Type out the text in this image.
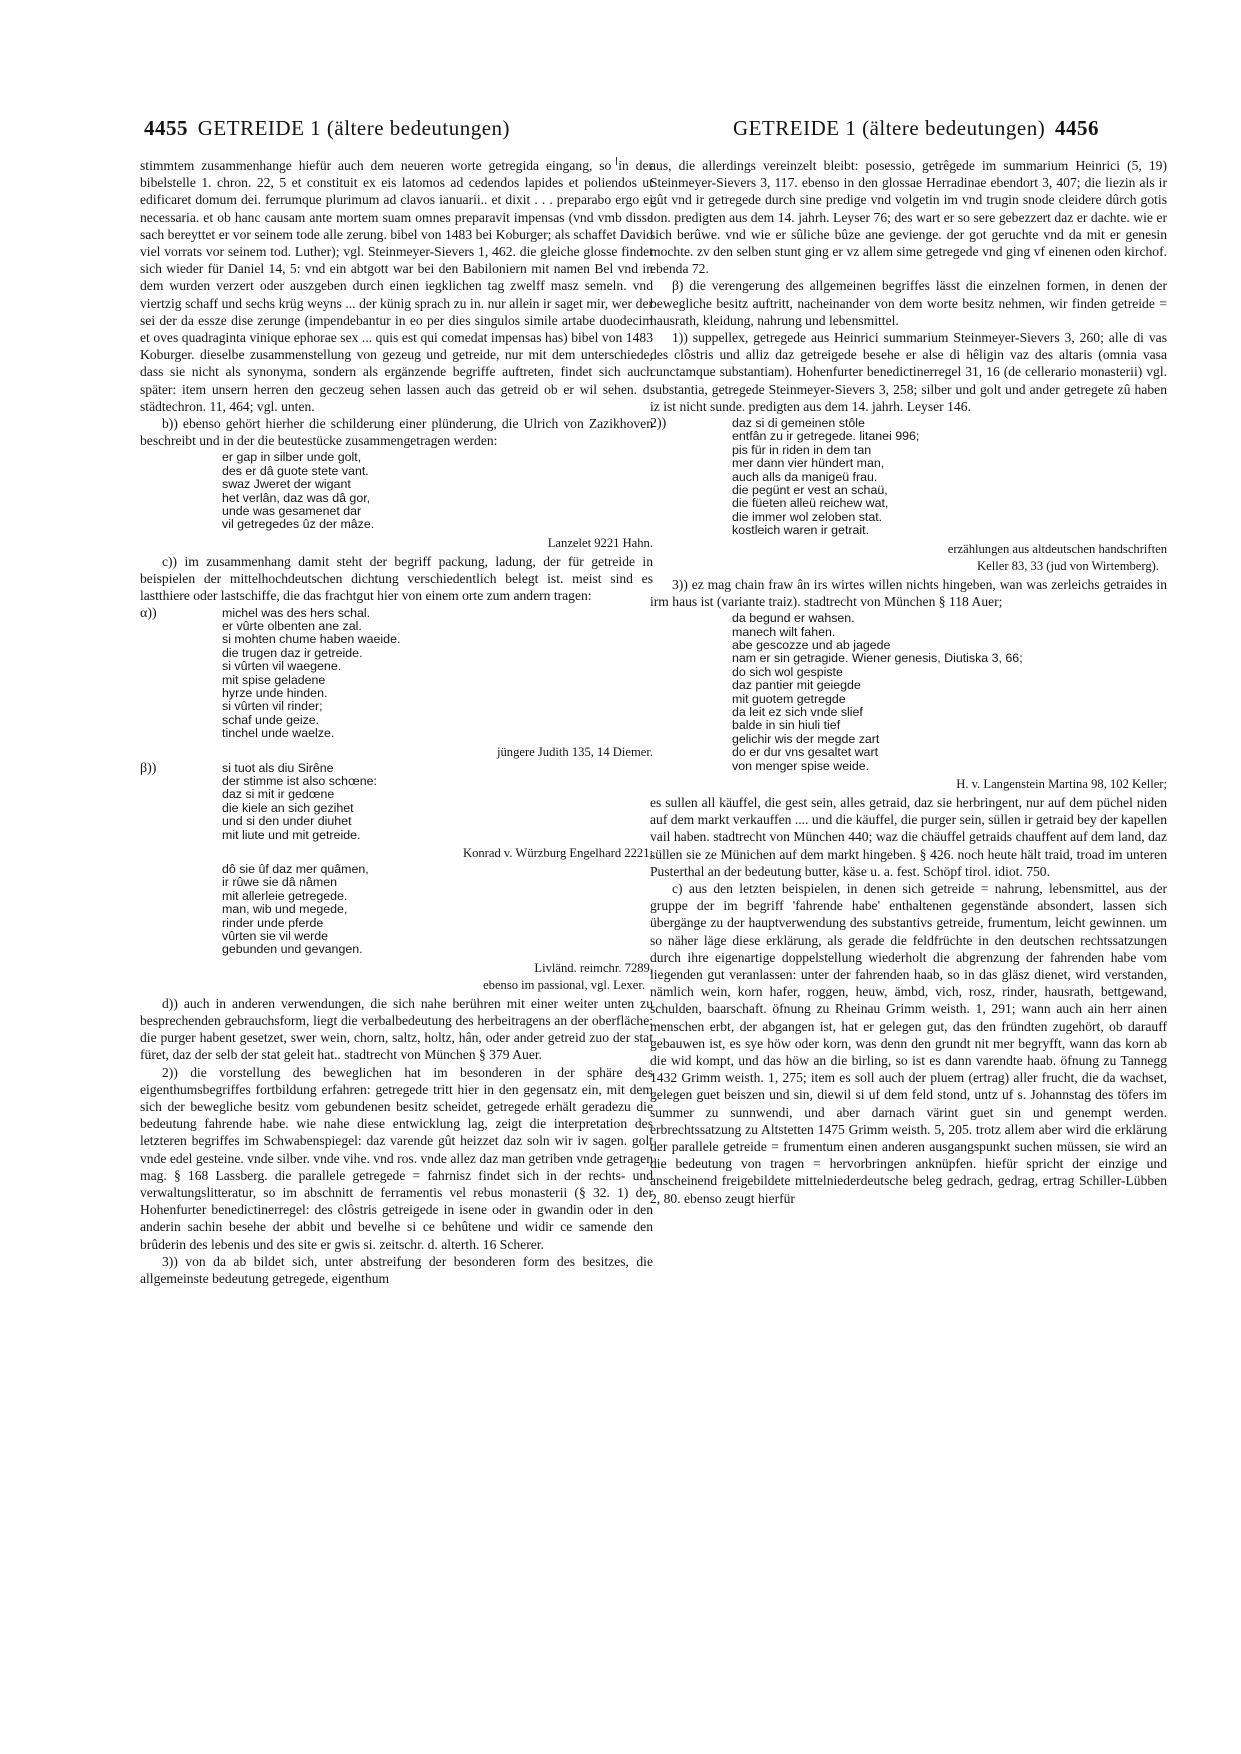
4455 GETREIDE 1 (ältere bedeutungen)	GETREIDE 1 (ältere bedeutungen) 4456

stimmtem zusammenhange hiefür auch dem neueren worte getregida eingang, so in der bibelstelle 1. chron. 22, 5 et constituit ex eis latomos ad cedendos lapides et poliendos ut edificaret domum dei. ferrumque plurimum ad clavos ianuarii.. et dixit . . . preparabo ergo ei necessaria. et ob hanc causam ante mortem suam omnes preparavit impensas (vnd vmb disse sach bereyttet er vor seinem tode alle zerung. bibel von 1483 bei Koburger; als schaffet David viel vorrats vor seinem tod. Luther); vgl. Steinmeyer-Sievers 1, 462. die gleiche glosse findet sich wieder für Daniel 14, 5: vnd ein abtgott war bei den Babiloniern mit namen Bel vnd in dem wurden verzert oder auszgeben durch einen iegklichen tag zwelff masz semeln. vnd viertzig schaff und sechs krüg weyns ... der künig sprach zu in. nur allein ir saget mir, wer der sei der da essze dise zerunge (impendebantur in eo per dies singulos simile artabe duodecim et oves quadraginta vinique ephorae sex ... quis est qui comedat impensas has) bibel von 1483 Koburger. dieselbe zusammenstellung von gezeug und getreide, nur mit dem unterschiede, dass sie nicht als synonyma, sondern als ergänzende begriffe auftreten, findet sich auch später: item unsern herren den geczeug sehen lassen auch das getreid ob er wil sehen. d. städtechron. 11, 464; vgl. unten.

b)) ebenso gehört hierher die schilderung einer plünderung, die Ulrich von Zazikhoven beschreibt und in der die beutestücke zusammengetragen werden:

er gap in silber unde golt,
des er dâ guote stete vant.
swaz Jweret der wigant
het verlân, daz was dâ gor,
unde was gesamenet dar
vil getregedes ûz der mâze.
Lanzelet 9221 Hahn.

c)) im zusammenhang damit steht der begriff packung, ladung, der für getreide in beispielen der mittelhochdeutschen dichtung verschiedentlich belegt ist. meist sind es lastthiere oder lastschiffe, die das frachtgut hier von einem orte zum andern tragen:

α))	michel was des hers schal.
er vûrte olbenten ane zal.
si mohten chume haben waeide.
die trugen daz ir getreide.
si vûrten vil waegene.
mit spise geladene
hyrze unde hinden.
si vûrten vil rinder;
schaf unde geize.
tinchel unde waelze.
jüngere Judith 135, 14 Diemer.
β))	si tuot als diu Sirêne
der stimme ist also schœne:
daz si mit ir gedœne
die kiele an sich gezihet
und si den under diuhet
mit liute und mit getreide.
Konrad v. Würzburg Engelhard 2221;
dô sie ûf daz mer quâmen,
ir rûwe sie dâ nâmen
mit allerleie getregede.
man, wib und megede,
rinder unde pferde
vûrten sie vil werde
gebunden und gevangen.
Livländ. reimchr. 7289,
ebenso im passional, vgl. Lexer.

d)) auch in anderen verwendungen, die sich nahe berühren mit einer weiter unten zu besprechenden gebrauchsform, liegt die verbalbedeutung des herbeitragens an der oberfläche: die purger habent gesetzet, swer wein, chorn, saltz, holtz, hân, oder ander getreid zuo der stat füret, daz der selb der stat geleit hat.. stadtrecht von München § 379 Auer.

2)) die vorstellung des beweglichen hat im besonderen in der sphäre des eigenthumsbegriffes fortbildung erfahren: getregede tritt hier in den gegensatz ein, mit dem sich der bewegliche besitz vom gebundenen besitz scheidet, getregede erhält geradezu die bedeutung fahrende habe. wie nahe diese entwicklung lag, zeigt die interpretation des letzteren begriffes im Schwabenspiegel: daz varende gût heizzet daz soln wir iv sagen. golt vnde edel gesteine. vnde silber. vnde vihe. vnd ros. vnde allez daz man getriben vnde getragen mag. § 168 Lassberg. die parallele getregede = fahrnisz findet sich in der rechts- und verwaltungslitteratur, so im abschnitt de ferramentis vel rebus monasterii (§ 32. 1) der Hohenfurter benedictinerregel: des clôstris getreigede in isene oder in gwandin oder in den anderin sachin besehe der abbit und bevelhe si ce behûtene und widir ce samende den brûderin des lebenis und des site er gwis si. zeitschr. d. alterth. 16 Scherer.

3)) von da ab bildet sich, unter abstreifung der besonderen form des besitzes, die allgemeinste bedeutung getregede, eigenthum

aus, die allerdings vereinzelt bleibt: posessio, getrêgede im summarium Heinrici (5, 19) Steinmeyer-Sievers 3, 117. ebenso in den glossae Herradinae ebendort 3, 407; die liezin als ir gût vnd ir getregede durch sine predige vnd volgetin im vnd trugin snode cleidere dûrch gotis lon. predigten aus dem 14. jahrh. Leyser 76; des wart er so sere gebezzert daz er dachte. wie er sich berûwe. vnd wie er sûliche bûze ane gevienge. der got geruchte vnd da mit er genesin mochte. zv den selben stunt ging er vz allem sime getregede vnd ging vf einenen oden kirchof. ebenda 72.

β) die verengerung des allgemeinen begriffes lässt die einzelnen formen, in denen der bewegliche besitz auftritt, nacheinander von dem worte besitz nehmen, wir finden getreide = hausrath, kleidung, nahrung und lebensmittel.

1)) suppellex, getregede aus Heinrici summarium Steinmeyer-Sievers 3, 260; alle di vas des clôstris und alliz daz getreigede besehe er alse di hêligin vaz des altaris (omnia vasa cunctamque substantiam). Hohenfurter benedictinerregel 31, 16 (de cellerario monasterii) vgl. substantia, getregede Steinmeyer-Sievers 3, 258; silber und golt und ander getregete zû haben iz ist nicht sunde. predigten aus dem 14. jahrh. Leyser 146.

2))	daz si di gemeinen stôle
entfân zu ir getregede. litanei 996;
pis für in riden in dem tan
mer dann vier hündert man,
auch alls da manigeü frau.
die pegünt er vest an schaü,
die füeten alleü reichew wat,
die immer wol zeloben stat.
kostleich waren ir getrait.
erzählungen aus altdeutschen handschriften
Keller 83, 33 (jud von Wirtemberg).

3)) ez mag chain fraw ân irs wirtes willen nichts hingeben, wan was zerleichs getraides in irm haus ist (variante traiz). stadtrecht von München § 118 Auer;

da begund er wahsen.
manech wilt fahen.
abe gescozze und ab jagede
nam er sin getragide. Wiener genesis, Diutiska 3, 66;
do sich wol gespiste
daz pantier mit geiegde
mit guotem getregde
da leit ez sich vnde slief
balde in sin hiuli tief
gelichir wis der megde zart
do er dur vns gesaltet wart
von menger spise weide.
H. v. Langenstein Martina 98, 102 Keller;

es sullen all käuffel, die gest sein, alles getraid, daz sie herbringent, nur auf dem püchel niden auf dem markt verkauffen .... und die käuffel, die purger sein, süllen ir getraid bey der kapellen vail haben. stadtrecht von München 440; waz die chäuffel getraids chauffent auf dem land, daz süllen sie ze Münichen auf dem markt hingeben. § 426. noch heute hält traid, troad im unteren Pusterthal an der bedeutung butter, käse u. a. fest. Schöpf tirol. idiot. 750.

c) aus den letzten beispielen, in denen sich getreide = nahrung, lebensmittel, aus der gruppe der im begriff 'fahrende habe' enthaltenen gegenstände absondert, lassen sich übergänge zu der hauptverwendung des substantivs getreide, frumentum, leicht gewinnen. um so näher läge diese erklärung, als gerade die feldfrüchte in den deutschen rechtssatzungen durch ihre eigenartige doppelstellung wiederholt die abgrenzung der fahrenden habe vom liegenden gut veranlassen: unter der fahrenden haab, so in das gläsz dienet, wird verstanden, nämlich wein, korn hafer, roggen, heuw, ämbd, vich, rosz, rinder, hausrath, bettgewand, schulden, baarschaft. öfnung zu Rheinau Grimm weisth. 1, 291; wann auch ain herr ainen menschen erbt, der abgangen ist, hat er gelegen gut, das den fründten zugehört, ob darauff gebauwen ist, es sye höw oder korn, was denn den grundt nit mer begryfft, wann das korn ab die wid kompt, und das höw an die birling, so ist es dann varendte haab. öfnung zu Tannegg 1432 Grimm weisth. 1, 275; item es soll auch der pluem (ertrag) aller frucht, die da wachset, gelegen guet beiszen und sin, diewil si uf dem feld stond, untz uf s. Johannstag des töfers im summer zu sunnwendi, und aber darnach värint guet sin und genempt werden. erbrechtssatzung zu Altstetten 1475 Grimm weisth. 5, 205. trotz allem aber wird die erklärung der parallele getreide = frumentum einen anderen ausgangspunkt suchen müssen, sie wird an die bedeutung von tragen = hervorbringen anknüpfen. hiefür spricht der einzige und anscheinend freigebildete mittelniederdeutsche beleg gedrach, gedrag, ertrag Schiller-Lübben 2, 80. ebenso zeugt hierfür
